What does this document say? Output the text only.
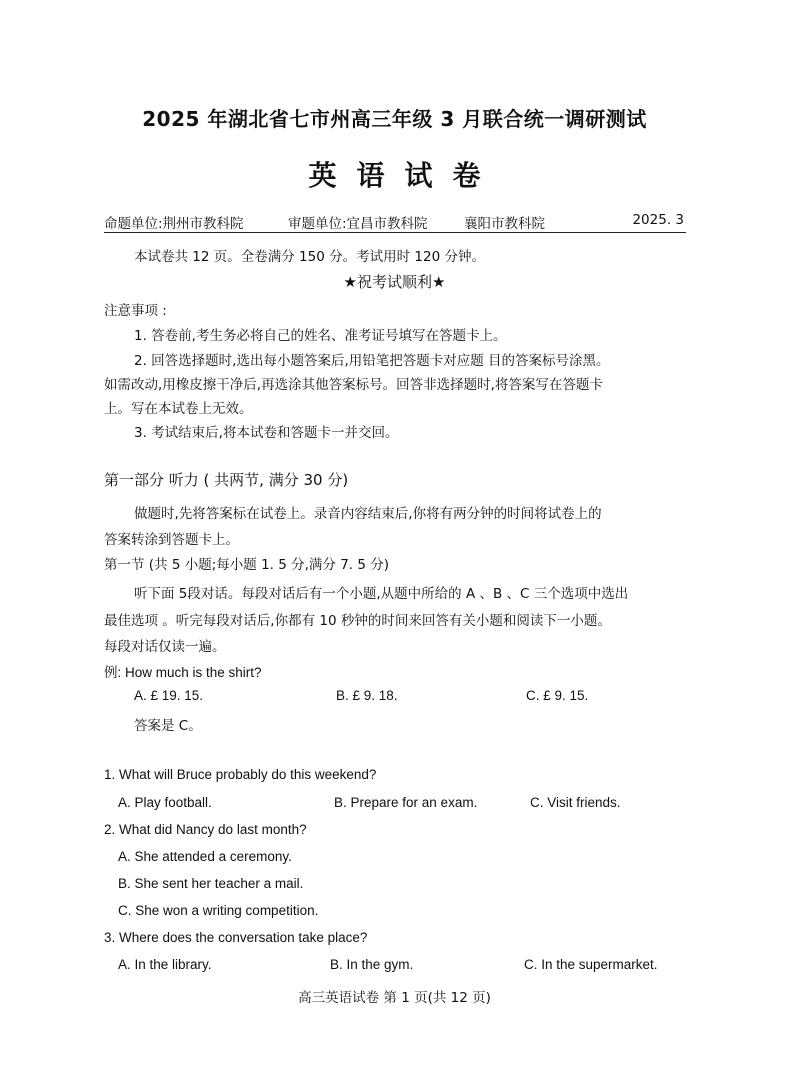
2025 年湖北省七市州高三年级 3 月联合统一调研测试
英语试卷
命题单位:荆州市教科院	审题单位:宜昌市教科院	襄阳市教科院	2025. 3
本试卷共 12 页。全卷满分 150 分。考试用时 120 分钟。
★祝考试顺利★
注意事项 :
1. 答卷前,考生务必将自己的姓名、准考证号填写在答题卡上。
2. 回答选择题时,选出每小题答案后,用铅笔把答题卡对应题 目的答案标号涂黑。
如需改动,用橡皮擦干净后,再选涂其他答案标号。回答非选择题时,将答案写在答题卡
上。写在本试卷上无效。
3. 考试结束后,将本试卷和答题卡一并交回。
第一部分 听力 ( 共两节, 满分 30 分)
做题时,先将答案标在试卷上。录音内容结束后,你将有两分钟的时间将试卷上的
答案转涂到答题卡上。
第一节 (共 5 小题;每小题 1. 5 分,满分 7. 5 分)
听下面 5段对话。每段对话后有一个小题,从题中所给的 A 、B 、C 三个选项中选出
最佳选项 。听完每段对话后,你都有 10 秒钟的时间来回答有关小题和阅读下一小题。
每段对话仅读一遍。
例: How much is the shirt?
A. £ 19. 15.	B. £ 9. 18.	C. £ 9. 15.
答案是 C。
1. What will Bruce probably do this weekend?
A. Play football.	B. Prepare for an exam.	C. Visit friends.
2. What did Nancy do last month?
A. She attended a ceremony.
B. She sent her teacher a mail.
C. She won a writing competition.
3. Where does the conversation take place?
A. In the library.	B. In the gym.	C. In the supermarket.
高三英语试卷 第 1 页(共 12 页)
